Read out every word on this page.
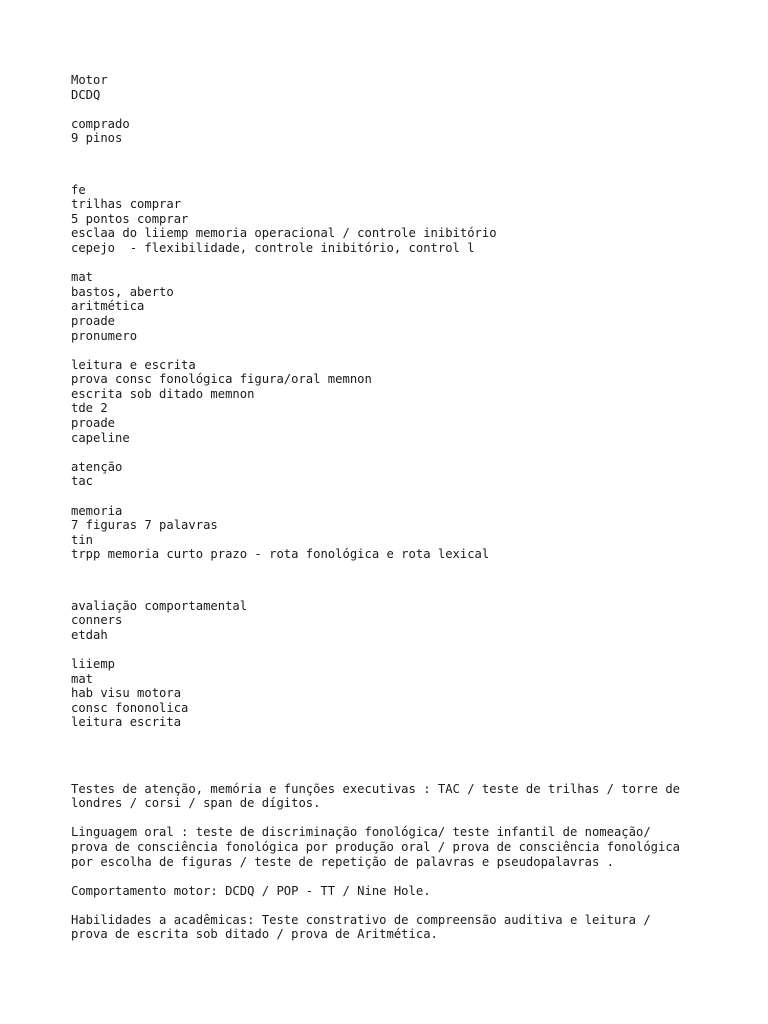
Motor
DCDQ
comprado
9 pinos
fe
trilhas comprar
5 pontos comprar
esclaa do liiemp memoria operacional / controle inibitório
cepejo  - flexibilidade, controle inibitório, control l
mat
bastos, aberto
aritmética
proade
pronumero
leitura e escrita
prova consc fonológica figura/oral memnon
escrita sob ditado memnon
tde 2
proade
capeline
atenção
tac
memoria
7 figuras 7 palavras
tin
trpp memoria curto prazo - rota fonológica e rota lexical
avaliação comportamental
conners
etdah
liiemp
mat
hab visu motora
consc fononolica
leitura escrita
Testes de atenção, memória e funções executivas : TAC / teste de trilhas / torre de
londres / corsi / span de dígitos.
Linguagem oral : teste de discriminação fonológica/ teste infantil de nomeação/
prova de consciência fonológica por produção oral / prova de consciência fonológica
por escolha de figuras / teste de repetição de palavras e pseudopalavras .
Comportamento motor: DCDQ / POP - TT / Nine Hole.
Habilidades a acadêmicas: Teste constrativo de compreensão auditiva e leitura /
prova de escrita sob ditado / prova de Aritmética.
